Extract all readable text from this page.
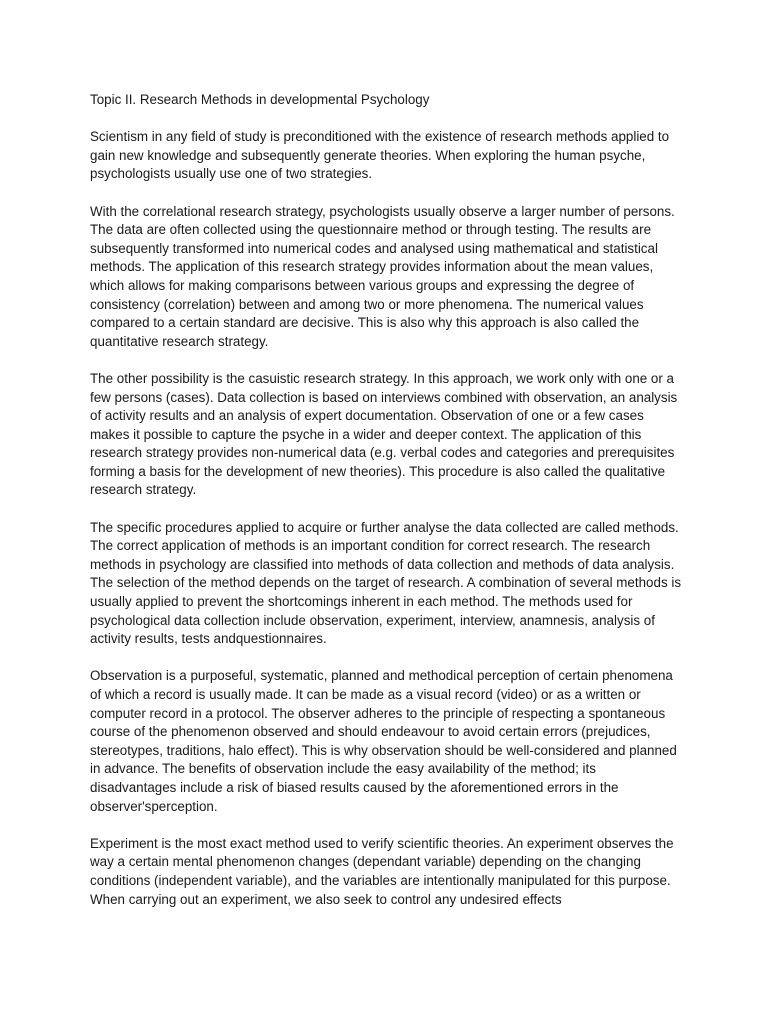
Topic II. Research Methods in developmental Psychology

Scientism in any field of study is preconditioned with the existence of research methods applied to gain new knowledge and subsequently generate theories. When exploring the human psyche, psychologists usually use one of two strategies.

With the correlational research strategy, psychologists usually observe a larger number of persons. The data are often collected using the questionnaire method or through testing. The results are subsequently transformed into numerical codes and analysed using mathematical and statistical methods. The application of this research strategy provides information about the mean values, which allows for making comparisons between various groups and expressing the degree of consistency (correlation) between and among two or more phenomena. The numerical values compared to a certain standard are decisive. This is also why this approach is also called the quantitative research strategy.

The other possibility is the casuistic research strategy. In this approach, we work only with one or a few persons (cases). Data collection is based on interviews combined with observation, an analysis of activity results and an analysis of expert documentation. Observation of one or a few cases makes it possible to capture the psyche in a wider and deeper context. The application of this research strategy provides non-numerical data (e.g. verbal codes and categories and prerequisites forming a basis for the development of new theories). This procedure is also called the qualitative research strategy.

The specific procedures applied to acquire or further analyse the data collected are called methods. The correct application of methods is an important condition for correct research. The research methods in psychology are classified into methods of data collection and methods of data analysis. The selection of the method depends on the target of research. A combination of several methods is usually applied to prevent the shortcomings inherent in each method. The methods used for psychological data collection include observation, experiment, interview, anamnesis, analysis of activity results, tests andquestionnaires.

Observation is a purposeful, systematic, planned and methodical perception of certain phenomena of which a record is usually made. It can be made as a visual record (video) or as a written or computer record in a protocol. The observer adheres to the principle of respecting a spontaneous course of the phenomenon observed and should endeavour to avoid certain errors (prejudices, stereotypes, traditions, halo effect). This is why observation should be well-considered and planned in advance. The benefits of observation include the easy availability of the method; its disadvantages include a risk of biased results caused by the aforementioned errors in the observer'sperception.

Experiment is the most exact method used to verify scientific theories. An experiment observes the way a certain mental phenomenon changes (dependant variable) depending on the changing conditions (independent variable), and the variables are intentionally manipulated for this purpose. When carrying out an experiment, we also seek to control any undesired effects
